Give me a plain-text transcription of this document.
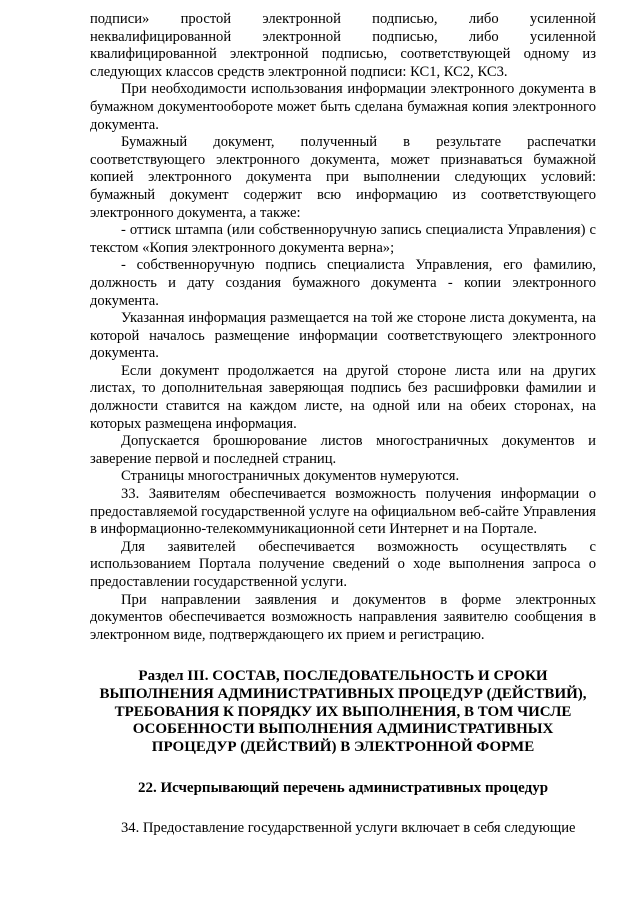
подписи» простой электронной подписью, либо усиленной неквалифицированной электронной подписью, либо усиленной квалифицированной электронной подписью, соответствующей одному из следующих классов средств электронной подписи: КС1, КС2, КС3.

При необходимости использования информации электронного документа в бумажном документообороте может быть сделана бумажная копия электронного документа.

Бумажный документ, полученный в результате распечатки соответствующего электронного документа, может признаваться бумажной копией электронного документа при выполнении следующих условий: бумажный документ содержит всю информацию из соответствующего электронного документа, а также:

- оттиск штампа (или собственноручную запись специалиста Управления) с текстом «Копия электронного документа верна»;

- собственноручную подпись специалиста Управления, его фамилию, должность и дату создания бумажного документа - копии электронного документа.

Указанная информация размещается на той же стороне листа документа, на которой началось размещение информации соответствующего электронного документа.

Если документ продолжается на другой стороне листа или на других листах, то дополнительная заверяющая подпись без расшифровки фамилии и должности ставится на каждом листе, на одной или на обеих сторонах, на которых размещена информация.

Допускается брошюрование листов многостраничных документов и заверение первой и последней страниц.

Страницы многостраничных документов нумеруются.

33. Заявителям обеспечивается возможность получения информации о предоставляемой государственной услуге на официальном веб-сайте Управления в информационно-телекоммуникационной сети Интернет и на Портале.

Для заявителей обеспечивается возможность осуществлять с использованием Портала получение сведений о ходе выполнения запроса о предоставлении государственной услуги.

При направлении заявления и документов в форме электронных документов обеспечивается возможность направления заявителю сообщения в электронном виде, подтверждающего их прием и регистрацию.

Раздел III. СОСТАВ, ПОСЛЕДОВАТЕЛЬНОСТЬ И СРОКИ

ВЫПОЛНЕНИЯ АДМИНИСТРАТИВНЫХ ПРОЦЕДУР (ДЕЙСТВИЙ),

ТРЕБОВАНИЯ К ПОРЯДКУ ИХ ВЫПОЛНЕНИЯ, В ТОМ ЧИСЛЕ

ОСОБЕННОСТИ ВЫПОЛНЕНИЯ АДМИНИСТРАТИВНЫХ

ПРОЦЕДУР (ДЕЙСТВИЙ) В ЭЛЕКТРОННОЙ ФОРМЕ

22. Исчерпывающий перечень административных процедур

34. Предоставление государственной услуги включает в себя следующие
